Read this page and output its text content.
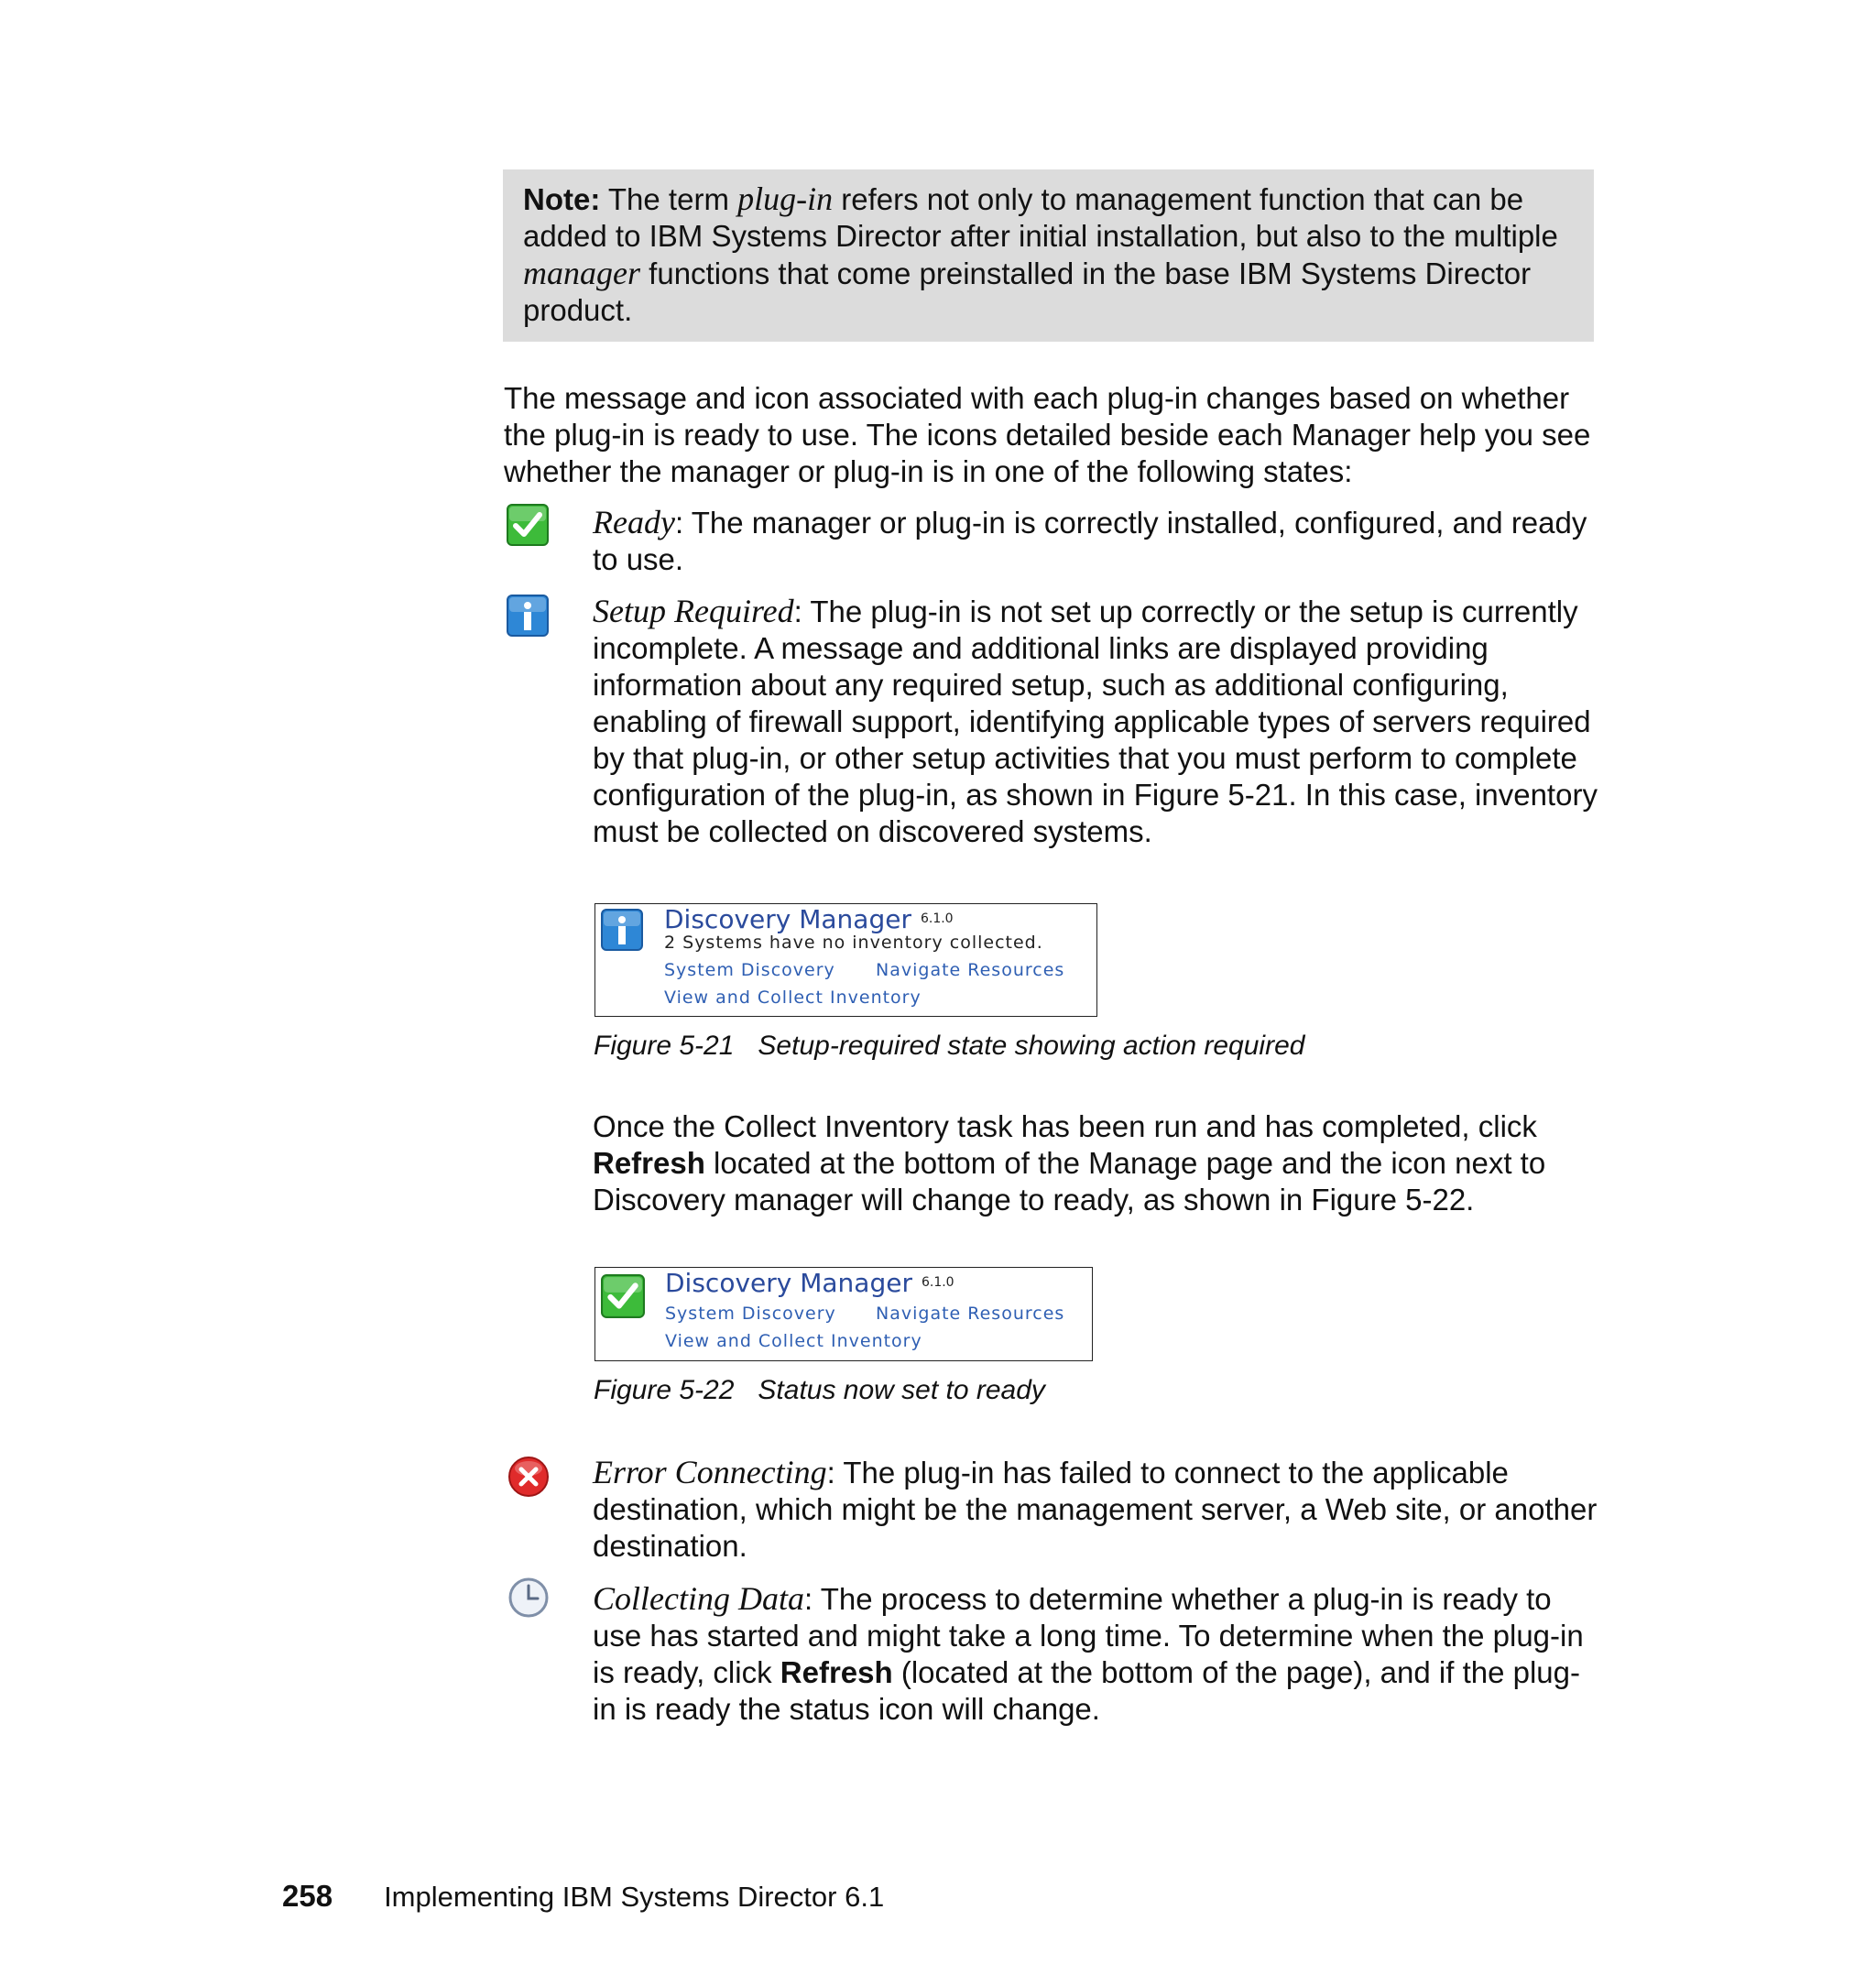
Note: The term plug-in refers not only to management function that can be added to IBM Systems Director after initial installation, but also to the multiple manager functions that come preinstalled in the base IBM Systems Director product.

The message and icon associated with each plug-in changes based on whether the plug-in is ready to use. The icons detailed beside each Manager help you see whether the manager or plug-in is in one of the following states:

Ready: The manager or plug-in is correctly installed, configured, and ready to use.

Setup Required: The plug-in is not set up correctly or the setup is currently incomplete. A message and additional links are displayed providing information about any required setup, such as additional configuring, enabling of firewall support, identifying applicable types of servers required by that plug-in, or other setup activities that you must perform to complete configuration of the plug-in, as shown in Figure 5-21. In this case, inventory must be collected on discovered systems.

Discovery Manager $^{6.1.0}$
2 Systems have no inventory collected.
System Discovery Navigate Resources
View and Collect Inventory
Figure 5-21 Setup-required state showing action required

Once the Collect Inventory task has been run and has completed, click Refresh located at the bottom of the Manage page and the icon next to Discovery manager will change to ready, as shown in Figure 5-22.

Discovery Manager $^{6.1.0}$
System Discovery Navigate Resources
View and Collect Inventory
Figure 5-22 Status now set to ready

Error Connecting: The plug-in has failed to connect to the applicable destination, which might be the management server, a Web site, or another destination.

Collecting Data: The process to determine whether a plug-in is ready to use has started and might take a long time. To determine when the plug-in is ready, click Refresh (located at the bottom of the page), and if the plug-in is ready the status icon will change.

258 Implementing IBM Systems Director 6.1
